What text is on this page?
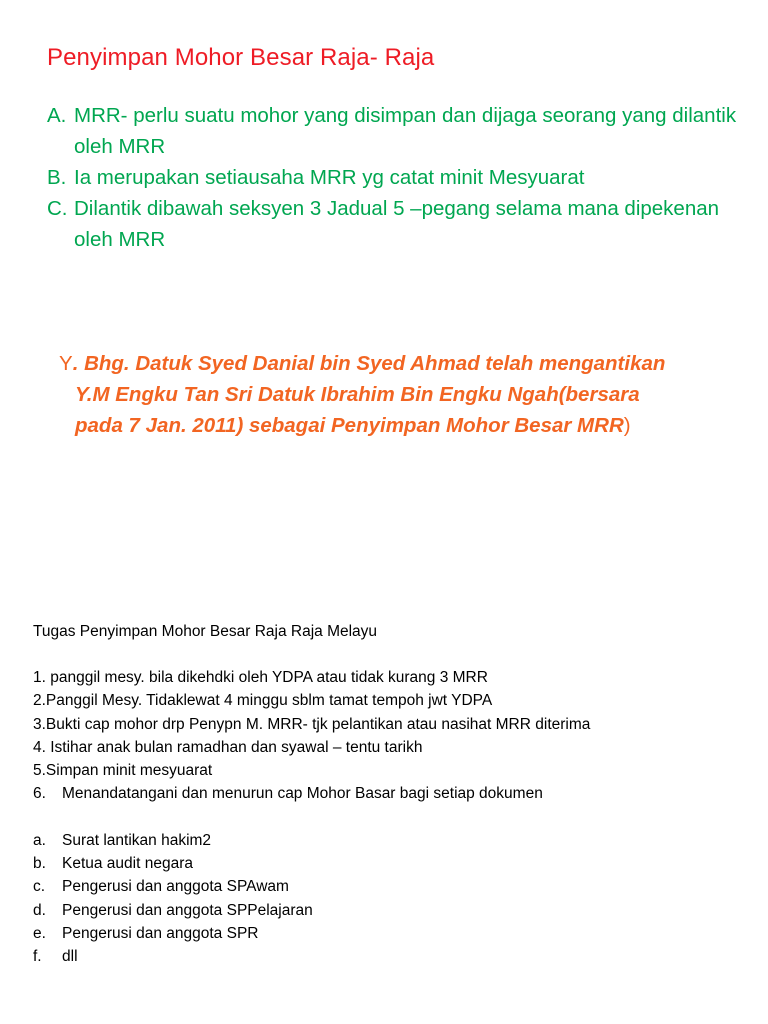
Penyimpan Mohor Besar Raja- Raja
A. MRR- perlu suatu mohor yang disimpan dan dijaga seorang yang dilantik oleh MRR
B. Ia merupakan setiausaha MRR yg catat minit Mesyuarat
C. Dilantik dibawah seksyen 3 Jadual 5 –pegang selama mana dipekenan oleh MRR

Y. Bhg. Datuk Syed Danial bin Syed Ahmad telah mengantikan
Y.M Engku Tan Sri Datuk Ibrahim Bin Engku Ngah(bersara
pada 7 Jan. 2011) sebagai Penyimpan Mohor Besar MRR)

Tugas Penyimpan Mohor Besar Raja Raja Melayu

1. panggil mesy. bila dikehdki oleh YDPA atau tidak kurang 3 MRR
2.Panggil Mesy. Tidaklewat 4 minggu sblm tamat tempoh jwt YDPA
3.Bukti cap mohor drp Penypn M. MRR- tjk pelantikan atau nasihat MRR diterima
4. Istihar anak bulan ramadhan dan syawal – tentu tarikh
5.Simpan minit mesyuarat
6. Menandatangani dan menurun cap Mohor Basar bagi setiap dokumen
a. Surat lantikan hakim2
b. Ketua audit negara
c. Pengerusi dan anggota SPAwam
d. Pengerusi dan anggota SPPelajaran
e. Pengerusi dan anggota SPR
f. dll
